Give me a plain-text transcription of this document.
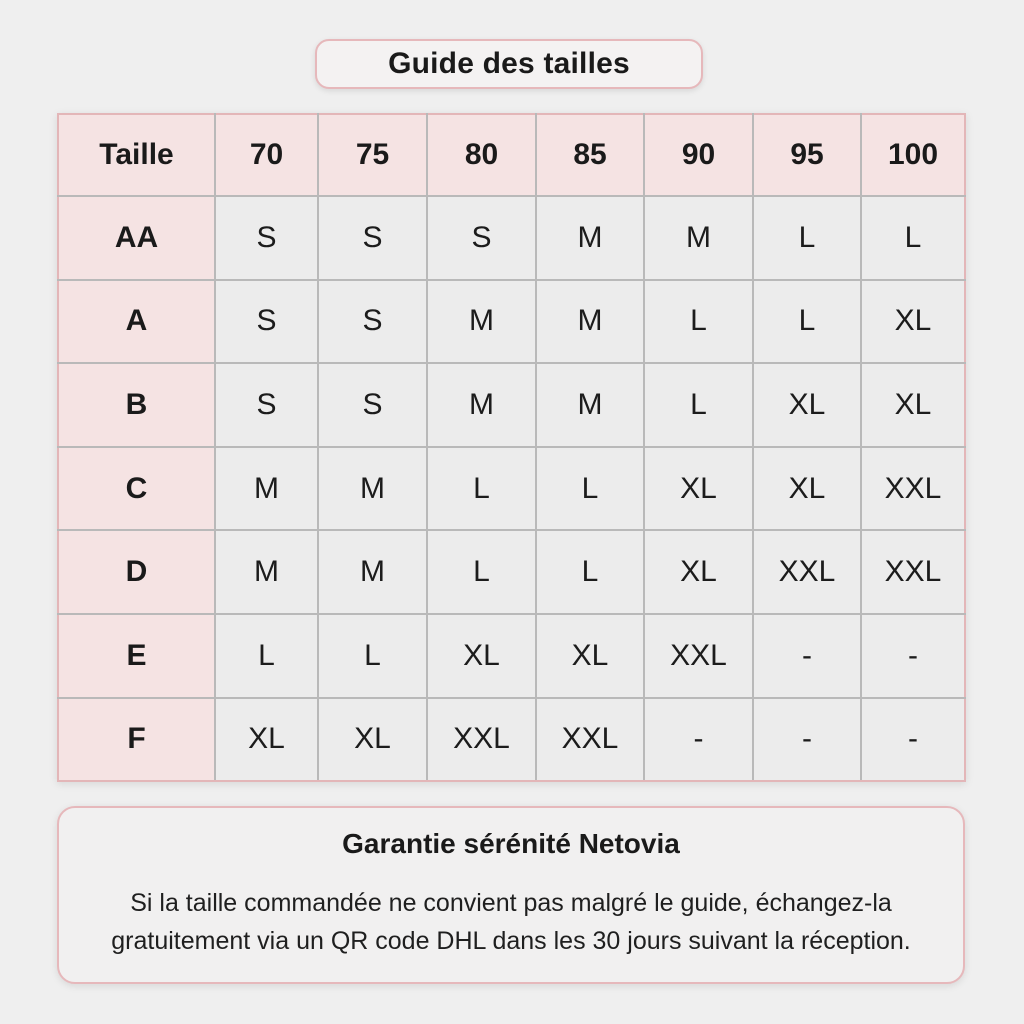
Guide des tailles
Taille	70	75	80	85	90	95	100
AA	S	S	S	M	M	L	L
A	S	S	M	M	L	L	XL
B	S	S	M	M	L	XL	XL
C	M	M	L	L	XL	XL	XXL
D	M	M	L	L	XL	XXL	XXL
E	L	L	XL	XL	XXL	-	-
F	XL	XL	XXL	XXL	-	-	-
Garantie sérénité Netovia
Si la taille commandée ne convient pas malgré le guide, échangez-la
gratuitement via un QR code DHL dans les 30 jours suivant la réception.
